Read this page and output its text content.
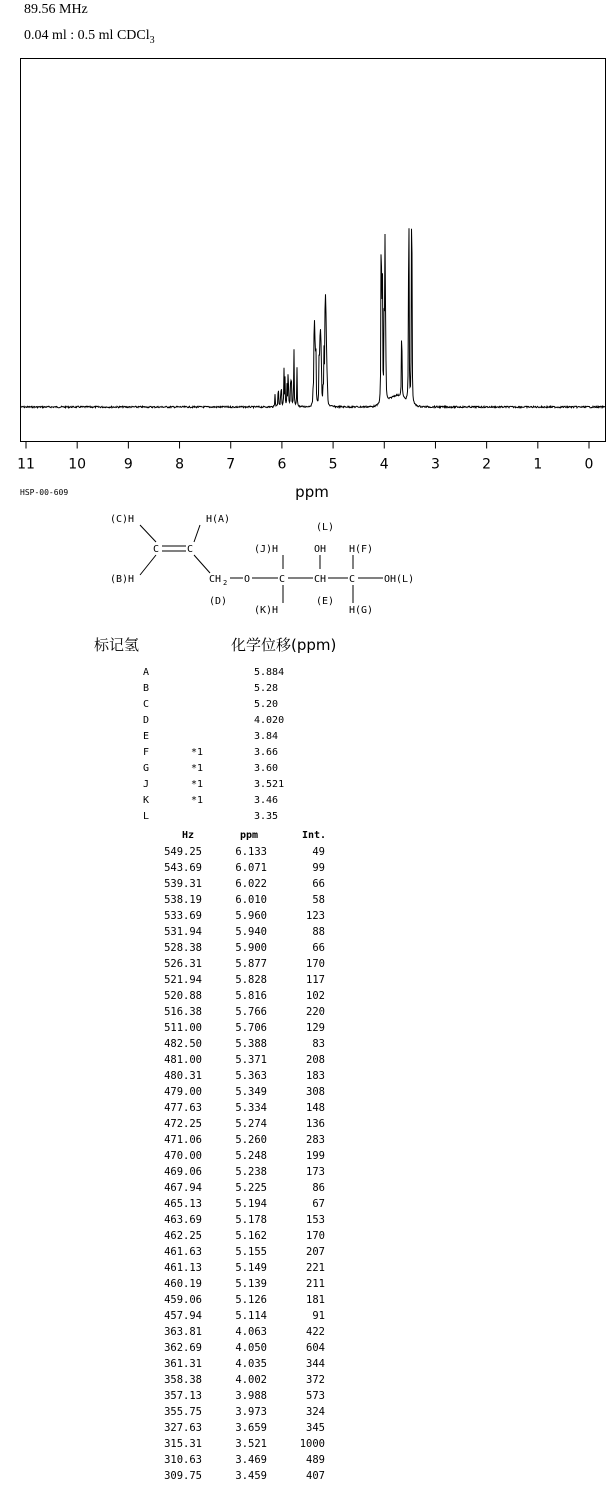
89.56 MHz
0.04 ml : 0.5 ml CDCl$_3$
11 10	9	8	7	6	5	4	3	2	1	0
ppm
HSP-00-609
(C)H	H(A)
(B)H
C	C
CH 2 O
(D)
(J)H	OH H(F)
(L)
C	CH C	OH(L)
(K)H
(E)
H(G)
标记氢	化学位移(ppm)
A	5.884
B	5.28
C	5.20
D	4.020
E	3.84
F	*1	3.66
G	*1	3.60
J	*1	3.521
K	*1	3.46
L	3.35
Hz	ppm	Int.
549.25	6.133	49
543.69	6.071	99
539.31	6.022	66
538.19	6.010	58
533.69	5.960	123
531.94	5.940	88
528.38	5.900	66
526.31	5.877	170
521.94	5.828	117
520.88	5.816	102
516.38	5.766	220
511.00	5.706	129
482.50	5.388	83
481.00	5.371	208
480.31	5.363	183
479.00	5.349	308
477.63	5.334	148
472.25	5.274	136
471.06	5.260	283
470.00	5.248	199
469.06	5.238	173
467.94	5.225	86
465.13	5.194	67
463.69	5.178	153
462.25	5.162	170
461.63	5.155	207
461.13	5.149	221
460.19	5.139	211
459.06	5.126	181
457.94	5.114	91
363.81	4.063	422
362.69	4.050	604
361.31	4.035	344
358.38	4.002	372
357.13	3.988	573
355.75	3.973	324
327.63	3.659	345
315.31	3.521	1000
310.63	3.469	489
309.75	3.459	407
